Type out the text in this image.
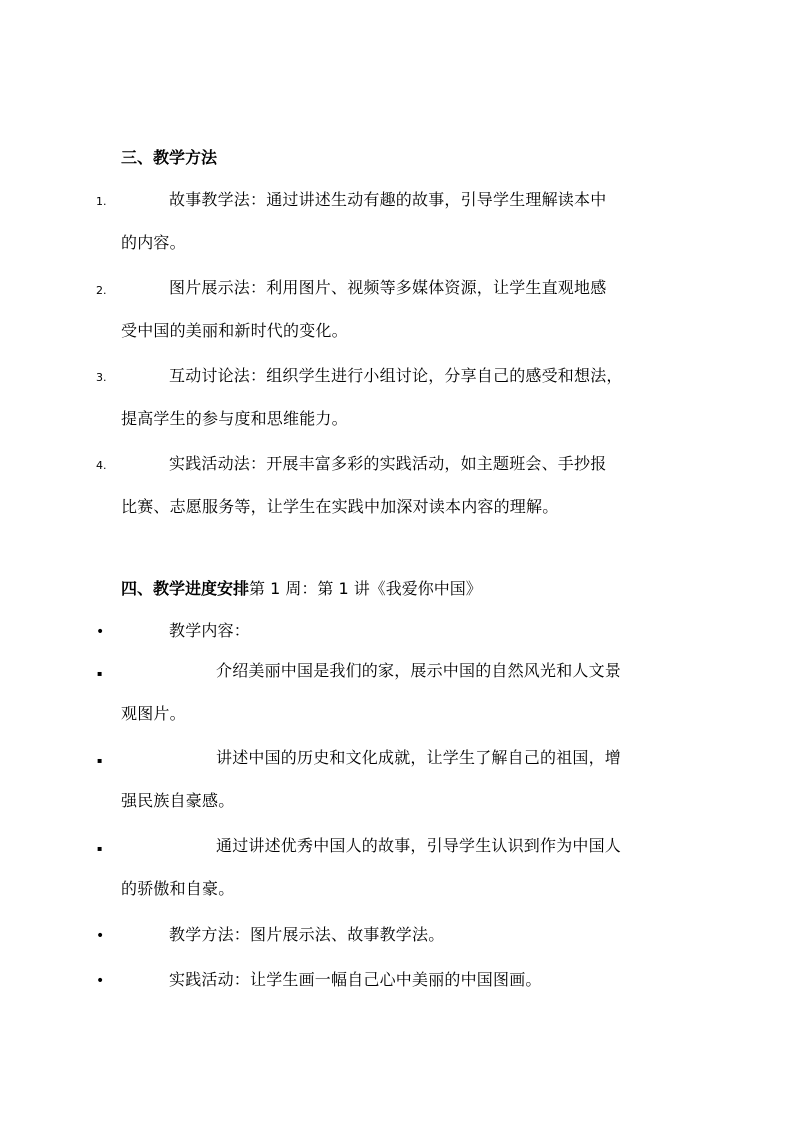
三、教学方法
1.	故事教学法：通过讲述生动有趣的故事，引导学生理解读本中
的内容。
2.	图片展示法：利用图片、视频等多媒体资源，让学生直观地感
受中国的美丽和新时代的变化。
3.	互动讨论法：组织学生进行小组讨论，分享自己的感受和想法，
提高学生的参与度和思维能力。
4.	实践活动法：开展丰富多彩的实践活动，如主题班会、手抄报
比赛、志愿服务等，让学生在实践中加深对读本内容的理解。
四、教学进度安排第 1 周：第 1 讲《我爱你中国》
•	教学内容：
▪	介绍美丽中国是我们的家，展示中国的自然风光和人文景
观图片。
▪	讲述中国的历史和文化成就，让学生了解自己的祖国，增
强民族自豪感。
▪	通过讲述优秀中国人的故事，引导学生认识到作为中国人
的骄傲和自豪。
•	教学方法：图片展示法、故事教学法。
•	实践活动：让学生画一幅自己心中美丽的中国图画。
